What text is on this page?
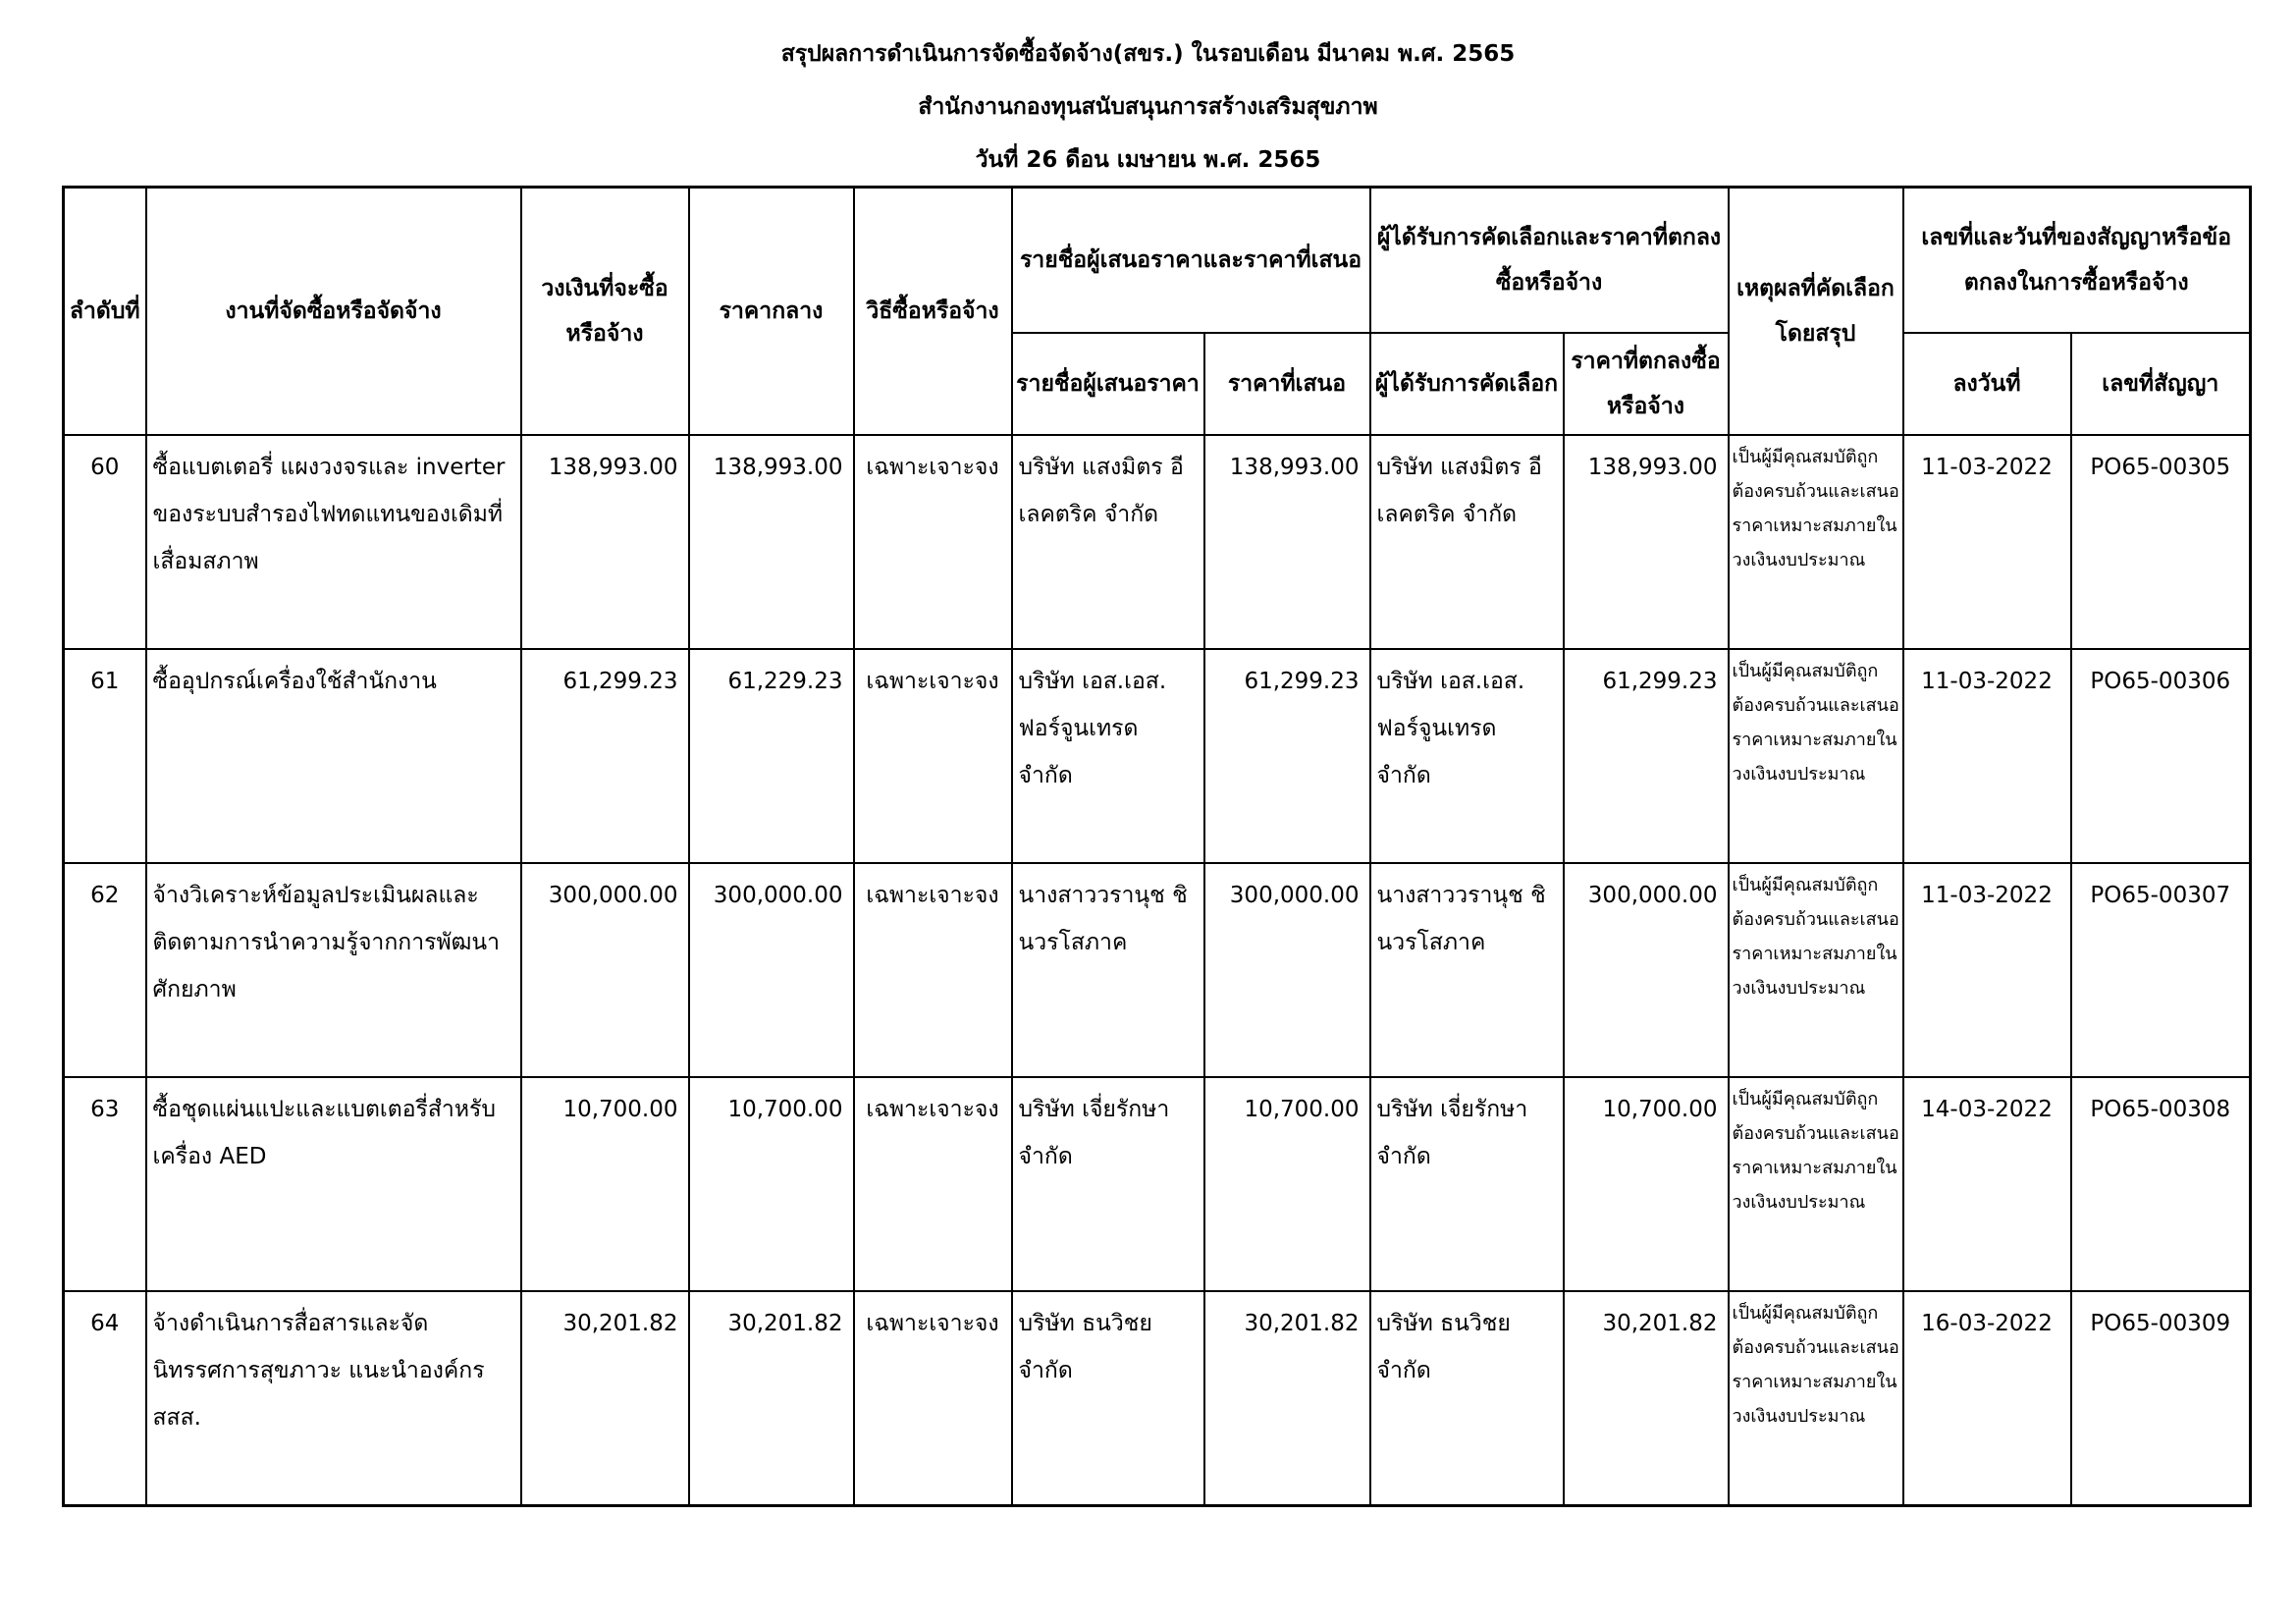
สรุปผลการดำเนินการจัดซื้อจัดจ้าง(สขร.) ในรอบเดือน มีนาคม พ.ศ. 2565
สำนักงานกองทุนสนับสนุนการสร้างเสริมสุขภาพ
วันที่ 26 ดือน เมษายน พ.ศ. 2565
ลำดับที่	งานที่จัดซื้อหรือจัดจ้าง	วงเงินที่จะซื้อหรือจ้าง	ราคากลาง	วิธีซื้อหรือจ้าง	รายชื่อผู้เสนอราคาและราคาที่เสนอ		ผู้ได้รับการคัดเลือกและราคาที่ตกลงซื้อหรือจ้าง		เหตุผลที่คัดเลือกโดยสรุป	เลขที่และวันที่ของสัญญาหรือข้อตกลงในการซื้อหรือจ้าง	
					รายชื่อผู้เสนอราคา	ราคาที่เสนอ	ผู้ได้รับการคัดเลือก	ราคาที่ตกลงซื้อหรือจ้าง		ลงวันที่	เลขที่สัญญา

60	ซื้อแบตเตอรี่ แผงวงจรและ inverter ของระบบสำรองไฟทดแทนของเดิมที่เสื่อมสภาพ	138,993.00	138,993.00	เฉพาะเจาะจง	บริษัท แสงมิตร อีเลคตริค จำกัด	138,993.00	บริษัท แสงมิตร อีเลคตริค จำกัด	138,993.00	เป็นผู้มีคุณสมบัติถูกต้องครบถ้วนและเสนอราคาเหมาะสมภายในวงเงินงบประมาณ	11-03-2022	PO65-00305

61	ซื้ออุปกรณ์เครื่องใช้สำนักงาน	61,299.23	61,229.23	เฉพาะเจาะจง	บริษัท เอส.เอส. ฟอร์จูนเทรด จำกัด	61,299.23	บริษัท เอส.เอส. ฟอร์จูนเทรด จำกัด	61,299.23	เป็นผู้มีคุณสมบัติถูกต้องครบถ้วนและเสนอราคาเหมาะสมภายในวงเงินงบประมาณ	11-03-2022	PO65-00306

62	จ้างวิเคราะห์ข้อมูลประเมินผลและติดตามการนำความรู้จากการพัฒนาศักยภาพ	300,000.00	300,000.00	เฉพาะเจาะจง	นางสาววรานุช ชินวรโสภาค	300,000.00	นางสาววรานุช ชินวรโสภาค	300,000.00	เป็นผู้มีคุณสมบัติถูกต้องครบถ้วนและเสนอราคาเหมาะสมภายในวงเงินงบประมาณ	11-03-2022	PO65-00307

63	ซื้อชุดแผ่นแปะและแบตเตอรี่สำหรับเครื่อง AED	10,700.00	10,700.00	เฉพาะเจาะจง	บริษัท เจี่ยรักษา จำกัด	10,700.00	บริษัท เจี่ยรักษา จำกัด	10,700.00	เป็นผู้มีคุณสมบัติถูกต้องครบถ้วนและเสนอราคาเหมาะสมภายในวงเงินงบประมาณ	14-03-2022	PO65-00308

64	จ้างดำเนินการสื่อสารและจัดนิทรรศการสุขภาวะ แนะนำองค์กร สสส.	30,201.82	30,201.82	เฉพาะเจาะจง	บริษัท ธนวิชย จำกัด	30,201.82	บริษัท ธนวิชย จำกัด	30,201.82	เป็นผู้มีคุณสมบัติถูกต้องครบถ้วนและเสนอราคาเหมาะสมภายในวงเงินงบประมาณ	16-03-2022	PO65-00309
